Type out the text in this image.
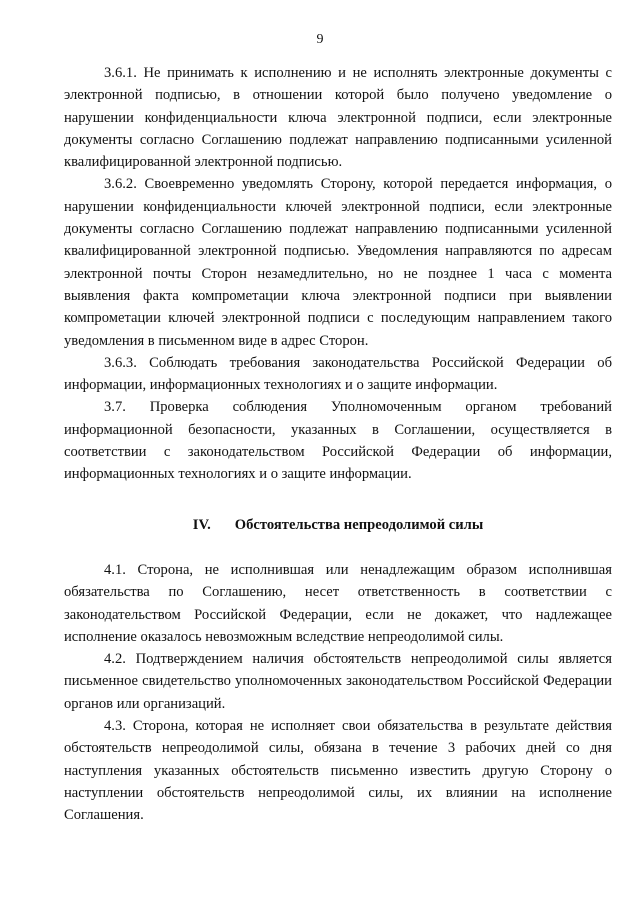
9

3.6.1. Не принимать к исполнению и не исполнять электронные документы с электронной подписью, в отношении которой было получено уведомление о нарушении конфиденциальности ключа электронной подписи, если электронные документы согласно Соглашению подлежат направлению подписанными усиленной квалифицированной электронной подписью.

3.6.2. Своевременно уведомлять Сторону, которой передается информация, о нарушении конфиденциальности ключей электронной подписи, если электронные документы согласно Соглашению подлежат направлению подписанными усиленной квалифицированной электронной подписью. Уведомления направляются по адресам электронной почты Сторон незамедлительно, но не позднее 1 часа с момента выявления факта компрометации ключа электронной подписи при выявлении компрометации ключей электронной подписи с последующим направлением такого уведомления в письменном виде в адрес Сторон.

3.6.3. Соблюдать требования законодательства Российской Федерации об информации, информационных технологиях и о защите информации.

3.7. Проверка соблюдения Уполномоченным органом требований информационной безопасности, указанных в Соглашении, осуществляется в соответствии с законодательством Российской Федерации об информации, информационных технологиях и о защите информации.

IV. Обстоятельства непреодолимой силы

4.1. Сторона, не исполнившая или ненадлежащим образом исполнившая обязательства по Соглашению, несет ответственность в соответствии с законодательством Российской Федерации, если не докажет, что надлежащее исполнение оказалось невозможным вследствие непреодолимой силы.

4.2. Подтверждением наличия обстоятельств непреодолимой силы является письменное свидетельство уполномоченных законодательством Российской Федерации органов или организаций.

4.3. Сторона, которая не исполняет свои обязательства в результате действия обстоятельств непреодолимой силы, обязана в течение 3 рабочих дней со дня наступления указанных обстоятельств письменно известить другую Сторону о наступлении обстоятельств непреодолимой силы, их влиянии на исполнение Соглашения.
